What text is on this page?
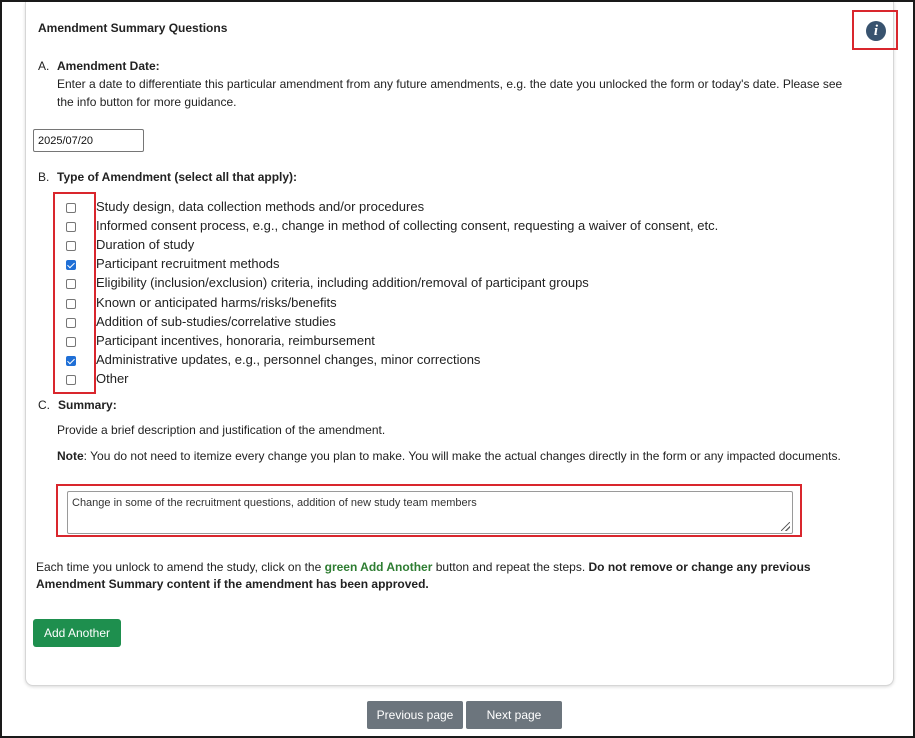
Amendment Summary Questions	i
A. Amendment Date:
Enter a date to differentiate this particular amendment from any future amendments, e.g. the date you unlocked the form or today's date. Please see
the info button for more guidance.
2025/07/20
B. Type of Amendment (select all that apply):
Study design, data collection methods and/or procedures
Informed consent process, e.g., change in method of collecting consent, requesting a waiver of consent, etc.
Duration of study
Participant recruitment methods
Eligibility (inclusion/exclusion) criteria, including addition/removal of participant groups
Known or anticipated harms/risks/benefits
Addition of sub-studies/correlative studies
Participant incentives, honoraria, reimbursement
Administrative updates, e.g., personnel changes, minor corrections
Other
C. Summary:
Provide a brief description and justification of the amendment.
Note: You do not need to itemize every change you plan to make. You will make the actual changes directly in the form or any impacted documents.
Change in some of the recruitment questions, addition of new study team members
Each time you unlock to amend the study, click on the green Add Another button and repeat the steps. Do not remove or change any previous
Amendment Summary content if the amendment has been approved.
Add Another
Previous page	Next page
